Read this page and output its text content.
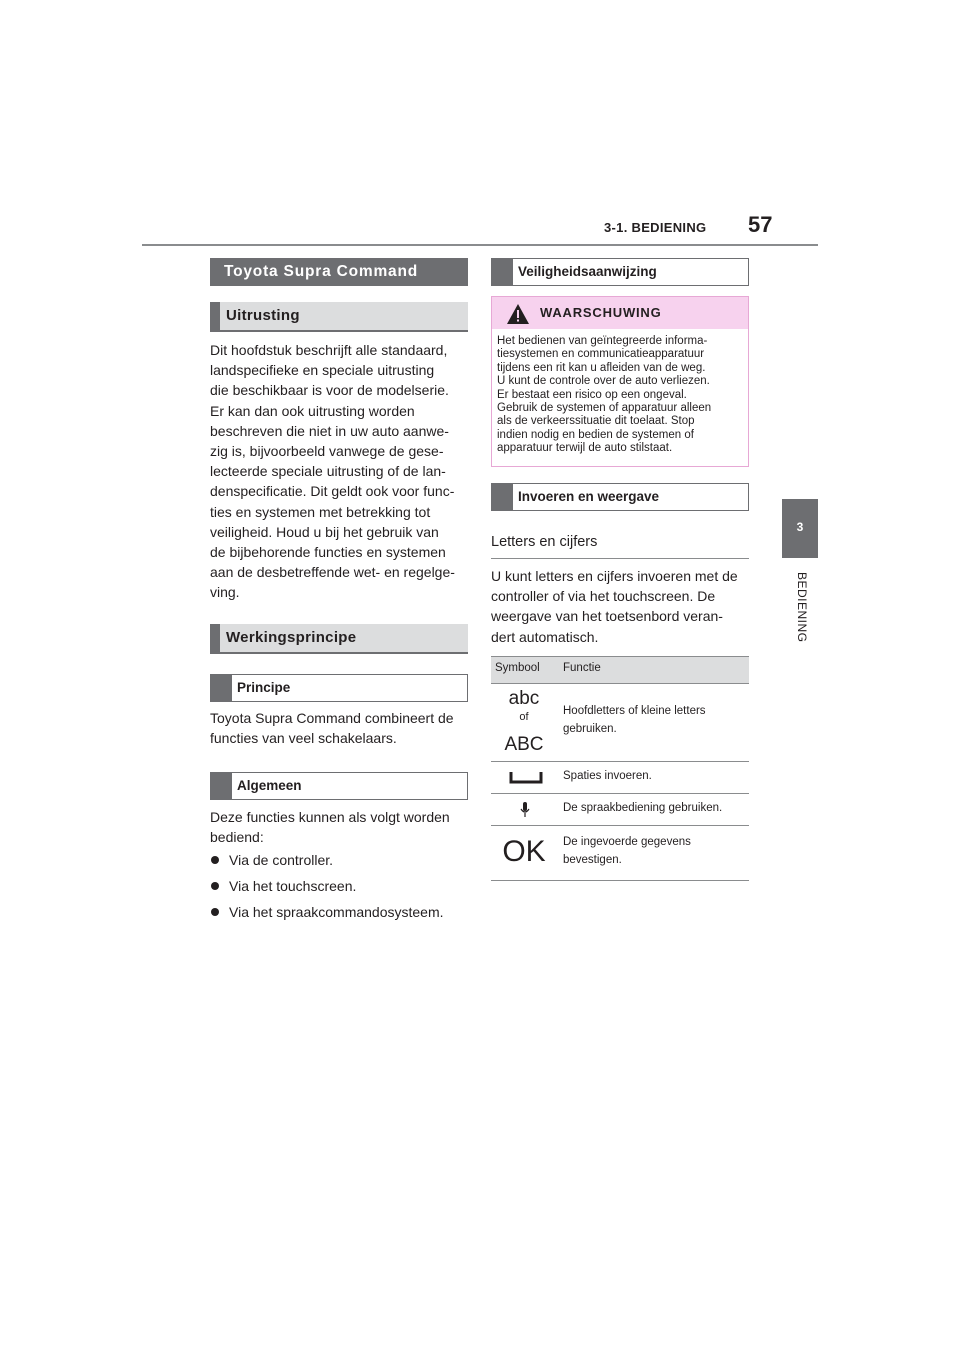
3-1. BEDIENING 57
3
BEDIENING
Toyota Supra Command
Uitrusting
Dit hoofdstuk beschrijft alle standaard,
landspecifieke en speciale uitrusting
die beschikbaar is voor de modelserie.
Er kan dan ook uitrusting worden
beschreven die niet in uw auto aanwe-
zig is, bijvoorbeeld vanwege de gese-
lecteerde speciale uitrusting of de lan-
denspecificatie. Dit geldt ook voor func-
ties en systemen met betrekking tot
veiligheid. Houd u bij het gebruik van
de bijbehorende functies en systemen
aan de desbetreffende wet- en regelge-
ving.
Werkingsprincipe
Principe
Toyota Supra Command combineert de
functies van veel schakelaars.
Algemeen
Deze functies kunnen als volgt worden
bediend:
Via de controller.
Via het touchscreen.
Via het spraakcommandosysteem.
Veiligheidsaanwijzing
WAARSCHUWING
Het bedienen van geïntegreerde informa-
tiesystemen en communicatieapparatuur
tijdens een rit kan u afleiden van de weg.
U kunt de controle over de auto verliezen.
Er bestaat een risico op een ongeval.
Gebruik de systemen of apparatuur alleen
als de verkeerssituatie dit toelaat. Stop
indien nodig en bedien de systemen of
apparatuur terwijl de auto stilstaat.
Invoeren en weergave
Letters en cijfers
U kunt letters en cijfers invoeren met de
controller of via het touchscreen. De
weergave van het toetsenbord veran-
dert automatisch.
Symbool Functie
abc
of
ABC
Hoofdletters of kleine letters
gebruiken.
Spaties invoeren.
De spraakbediening gebruiken.
OK	De ingevoerde gegevens
bevestigen.
